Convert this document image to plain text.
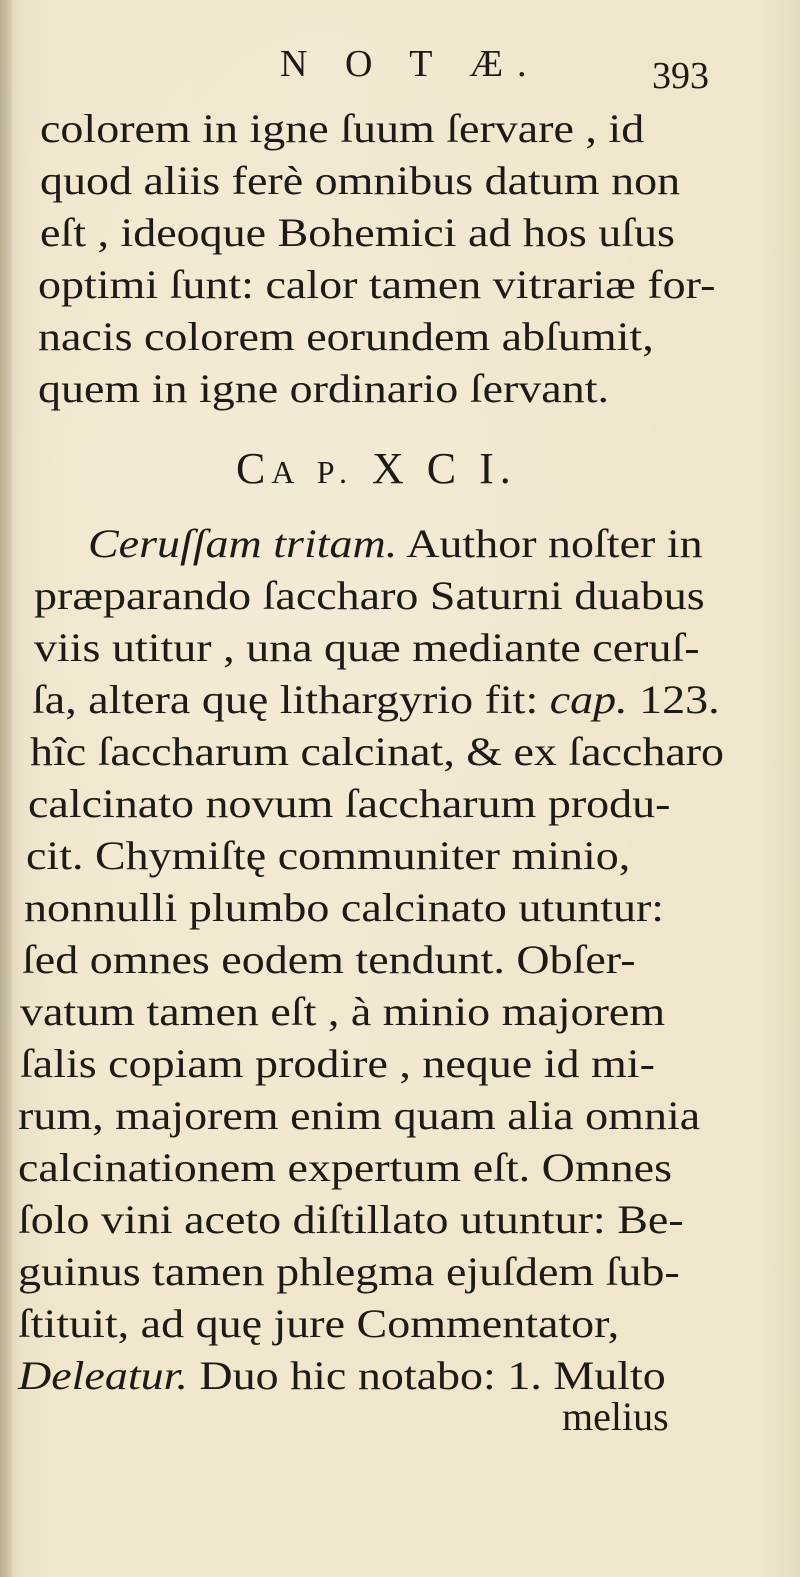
N O T Æ.	393
colorem in igne ſuum ſervare , id
quod aliis ferè omnibus datum non
eſt , ideoque Bohemici ad hos uſus
optimi ſunt: calor tamen vitrariæ for-
nacis colorem eorundem abſumit,
quem in igne ordinario ſervant.
Ceruſſam tritam. Author noſter in
præparando ſaccharo Saturni duabus
viis utitur , una quæ mediante ceruſ-
ſa, altera quę lithargyrio fit: cap. 123.
hîc ſaccharum calcinat, & ex ſaccharo
calcinato novum ſaccharum produ-
cit. Chymiſtę communiter minio,
nonnulli plumbo calcinato utuntur:
ſed omnes eodem tendunt. Obſer-
vatum tamen eſt , à minio majorem
ſalis copiam prodire , neque id mi-
rum, majorem enim quam alia omnia
calcinationem expertum eſt. Omnes
ſolo vini aceto diſtillato utuntur: Be-
guinus tamen phlegma ejuſdem ſub-
ſtituit, ad quę jure Commentator,
Deleatur. Duo hic notabo: 1. Multo
CA P. X C I.
melius
